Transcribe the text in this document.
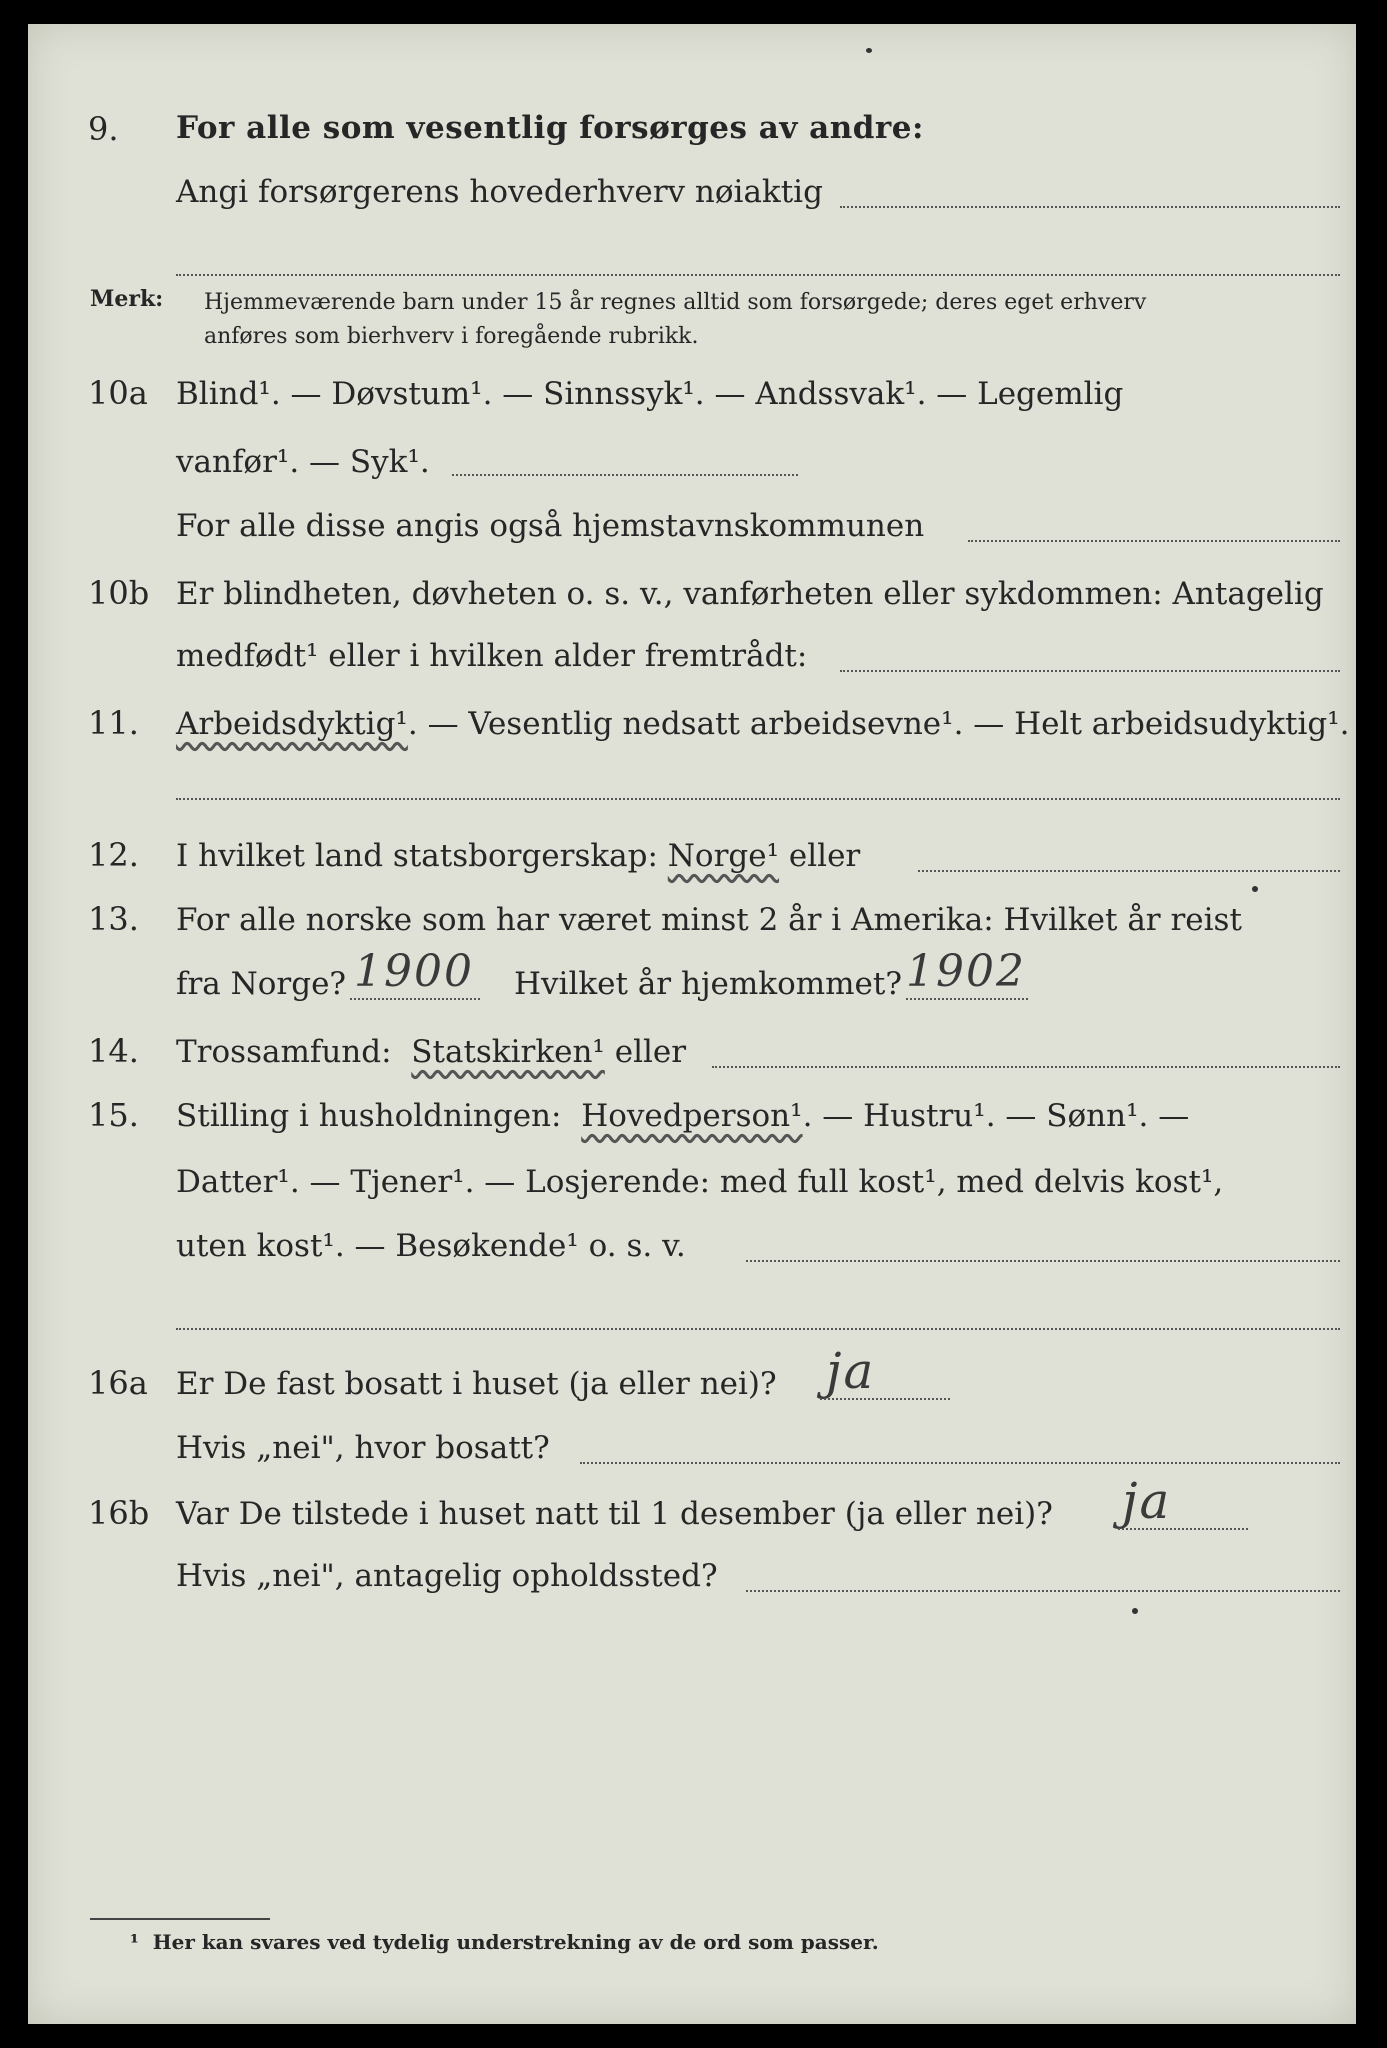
9. For alle som vesentlig forsørges av andre:
Angi forsørgerens hovederhverv nøiaktig
Merk: Hjemmeværende barn under 15 år regnes alltid som forsørgede; deres eget erhverv
anføres som bierhverv i foregående rubrikk.
10a Blind¹. — Døvstum¹. — Sinnssyk¹. — Andssvak¹. — Legemlig
vanfør¹. — Syk¹.
For alle disse angis også hjemstavnskommunen
10b Er blindheten, døvheten o. s. v., vanførheten eller sykdommen: Antagelig
medfødt¹ eller i hvilken alder fremtrådt:
11. Arbeidsdyktig¹. — Vesentlig nedsatt arbeidsevne¹. — Helt arbeidsudyktig¹.
12. I hvilket land statsborgerskap: Norge¹ eller
13. For alle norske som har været minst 2 år i Amerika: Hvilket år reist
fra Norge? 1900 Hvilket år hjemkommet? 1902
14. Trossamfund: Statskirken¹ eller
15. Stilling i husholdningen: Hovedperson¹. — Hustru¹. — Sønn¹. —
Datter¹. — Tjener¹. — Losjerende: med full kost¹, med delvis kost¹,
uten kost¹. — Besøkende¹ o. s. v.
16a Er De fast bosatt i huset (ja eller nei)? ja
Hvis „nei", hvor bosatt?
16b Var De tilstede i huset natt til 1 desember (ja eller nei)? ja
Hvis „nei", antagelig opholdssted?
¹ Her kan svares ved tydelig understrekning av de ord som passer.
